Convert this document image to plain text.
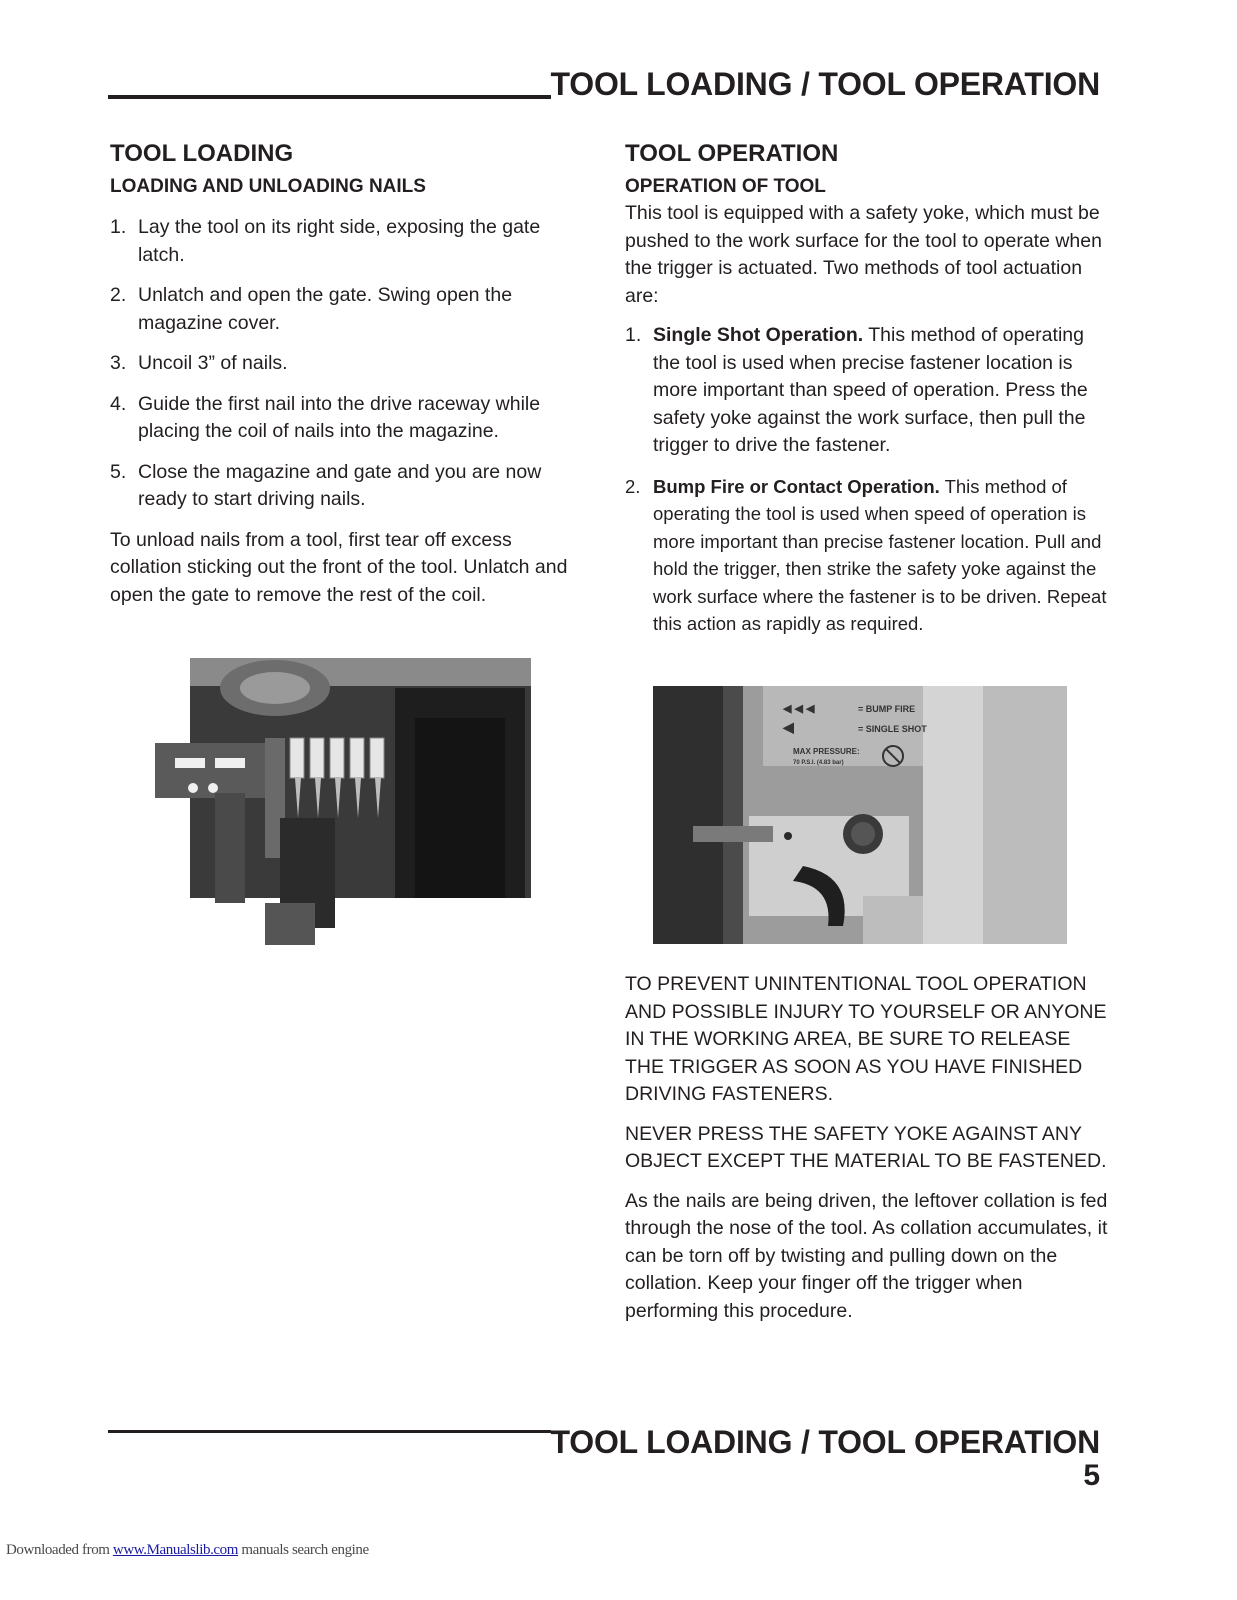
TOOL LOADING / TOOL OPERATION
TOOL LOADING
LOADING AND UNLOADING NAILS
1. Lay the tool on its right side, exposing the gate latch.
2. Unlatch and open the gate. Swing open the magazine cover.
3. Uncoil 3” of nails.
4. Guide the first nail into the drive raceway while placing the coil of nails into the magazine.
5. Close the magazine and gate and you are now ready to start driving nails.

To unload nails from a tool, first tear off excess collation sticking out the front of the tool. Unlatch and open the gate to remove the rest of the coil.

TOOL OPERATION
OPERATION OF TOOL

This tool is equipped with a safety yoke, which must be pushed to the work surface for the tool to operate when the trigger is actuated. Two methods of tool actuation are:

1. Single Shot Operation. This method of operating the tool is used when precise fastener location is more important than speed of operation. Press the safety yoke against the work surface, then pull the trigger to drive the fastener.
2. Bump Fire or Contact Operation. This method of operating the tool is used when speed of operation is more important than precise fastener location. Pull and hold the trigger, then strike the safety yoke against the work surface where the fastener is to be driven. Repeat this action as rapidly as required.
◀ ◀ ◀
◀
= BUMP FIRE
= SINGLE SHOT
MAX PRESSURE:
70 P.S.I. (4.83 bar)

TO PREVENT UNINTENTIONAL TOOL OPERATION AND POSSIBLE INJURY TO YOURSELF OR ANYONE IN THE WORKING AREA, BE SURE TO RELEASE THE TRIGGER AS SOON AS YOU HAVE FINISHED DRIVING FASTENERS.

NEVER PRESS THE SAFETY YOKE AGAINST ANY OBJECT EXCEPT THE MATERIAL TO BE FASTENED.

As the nails are being driven, the leftover collation is fed through the nose of the tool. As collation accumulates, it can be torn off by twisting and pulling down on the collation. Keep your finger off the trigger when performing this procedure.

TOOL LOADING / TOOL OPERATION

5

Downloaded from www.Manualslib.com manuals search engine
